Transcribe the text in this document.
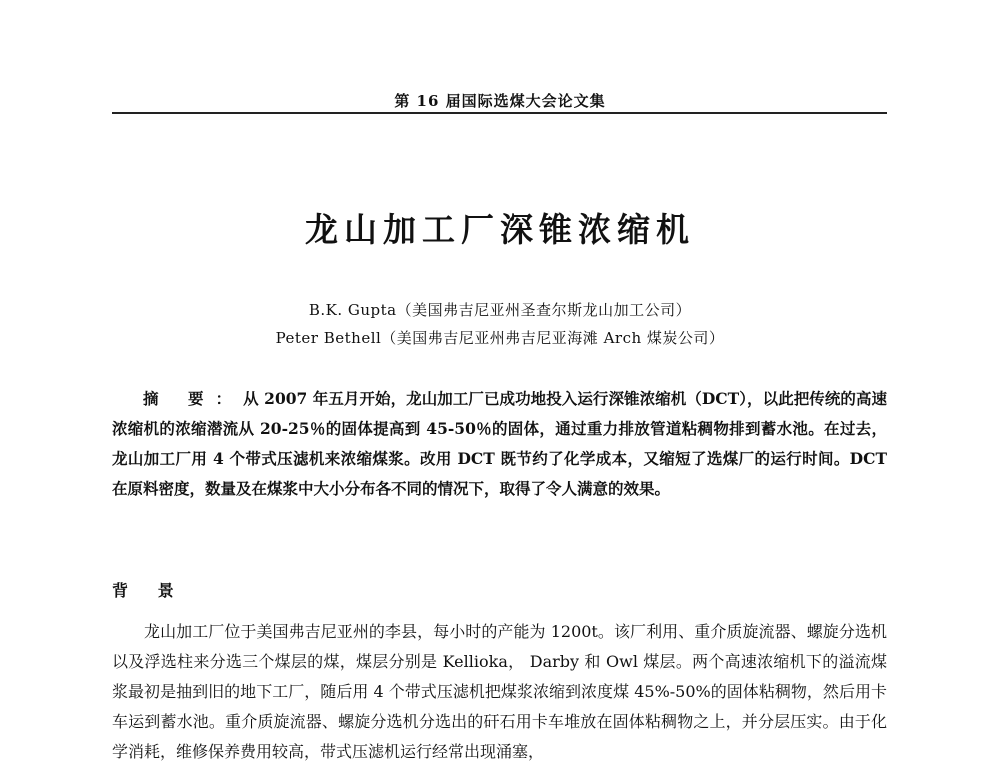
第 16 届国际选煤大会论文集
龙山加工厂深锥浓缩机
B.K. Gupta（美国弗吉尼亚州圣查尔斯龙山加工公司）
Peter Bethell（美国弗吉尼亚州弗吉尼亚海滩 Arch 煤炭公司）
摘 要：从 2007 年五月开始，龙山加工厂已成功地投入运行深锥浓缩机（DCT），以此把传统的高速浓缩机的浓缩潜流从 20-25％的固体提高到 45-50％的固体，通过重力排放管道粘稠物排到蓄水池。在过去，龙山加工厂用 4 个带式压滤机来浓缩煤浆。改用 DCT 既节约了化学成本，又缩短了选煤厂的运行时间。DCT 在原料密度，数量及在煤浆中大小分布各不同的情况下，取得了令人满意的效果。
背 景
龙山加工厂位于美国弗吉尼亚州的李县，每小时的产能为 1200t。该厂利用、重介质旋流器、螺旋分选机以及浮选柱来分选三个煤层的煤，煤层分别是 Kellioka， Darby 和 Owl 煤层。两个高速浓缩机下的溢流煤浆最初是抽到旧的地下工厂，随后用 4 个带式压滤机把煤浆浓缩到浓度煤 45%-50%的固体粘稠物，然后用卡车运到蓄水池。重介质旋流器、螺旋分选机分选出的矸石用卡车堆放在固体粘稠物之上，并分层压实。由于化学消耗，维修保养费用较高，带式压滤机运行经常出现涌塞，
